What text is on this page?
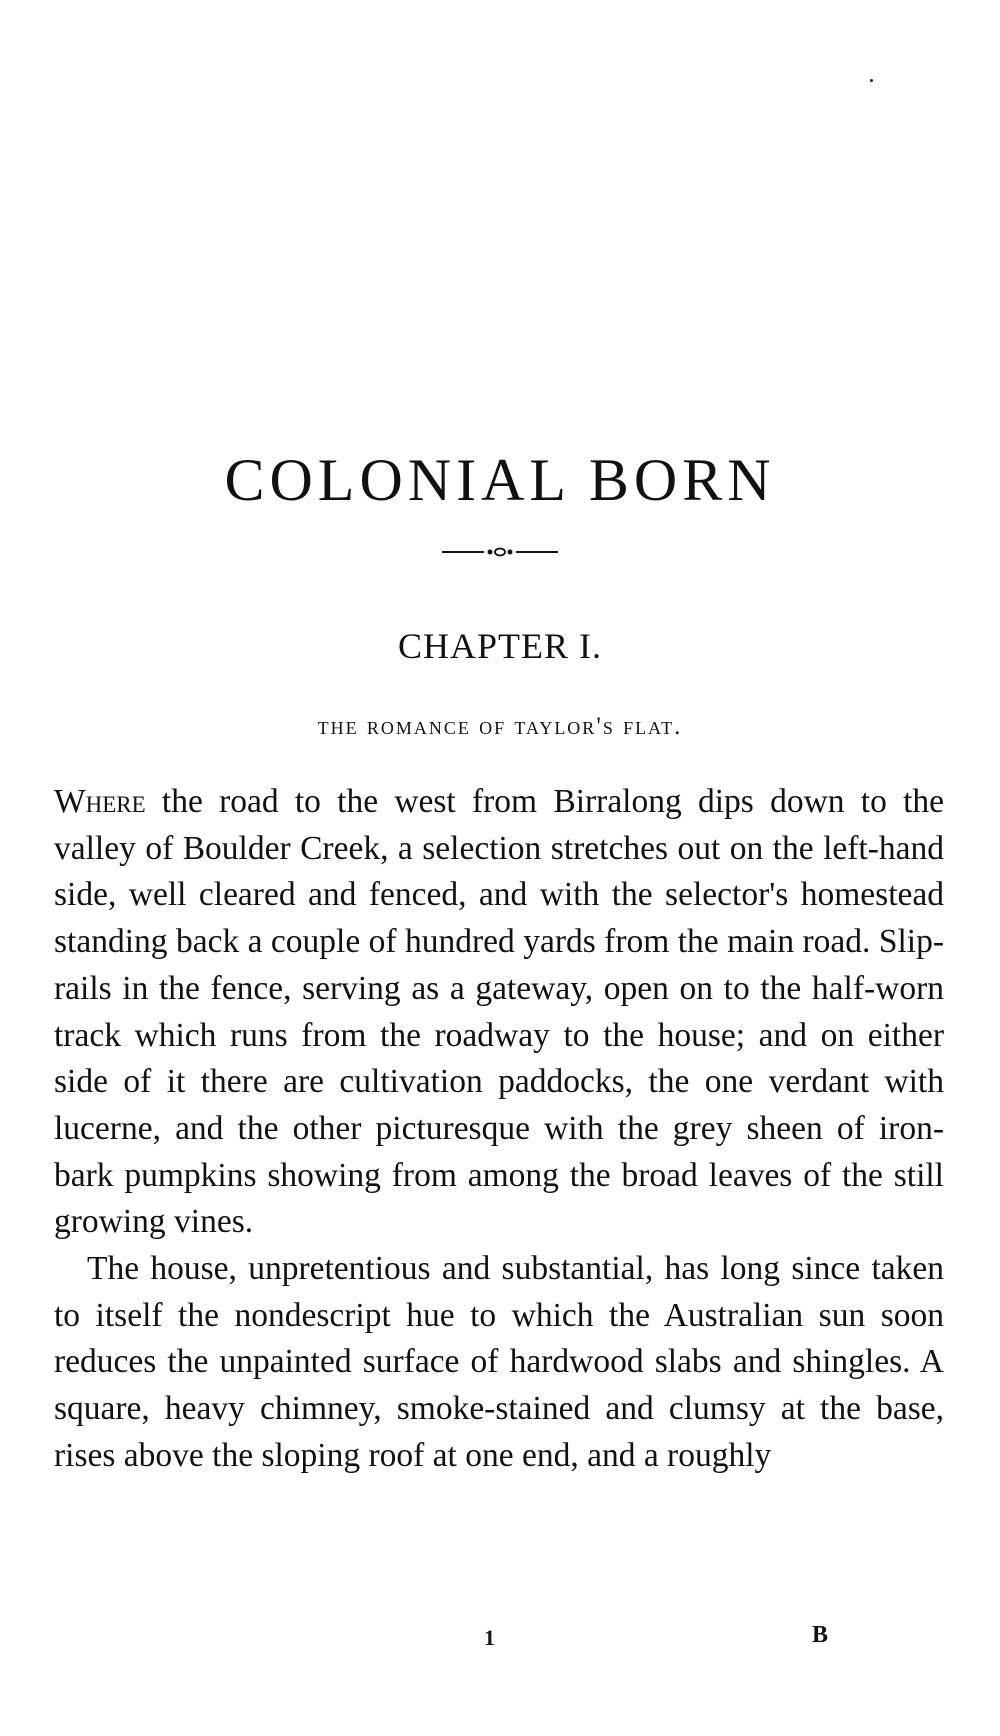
COLONIAL BORN
CHAPTER I.
the romance of taylor's flat.

Where the road to the west from Birralong dips down to the valley of Boulder Creek, a selection stretches out on the left-hand side, well cleared and fenced, and with the selector's homestead standing back a couple of hundred yards from the main road. Slip-rails in the fence, serving as a gateway, open on to the half-worn track which runs from the roadway to the house; and on either side of it there are cultivation paddocks, the one verdant with lucerne, and the other picturesque with the grey sheen of iron-bark pumpkins showing from among the broad leaves of the still growing vines.

The house, unpretentious and substantial, has long since taken to itself the nondescript hue to which the Australian sun soon reduces the unpainted surface of hardwood slabs and shingles. A square, heavy chimney, smoke-stained and clumsy at the base, rises above the sloping roof at one end, and a roughly

1	B
